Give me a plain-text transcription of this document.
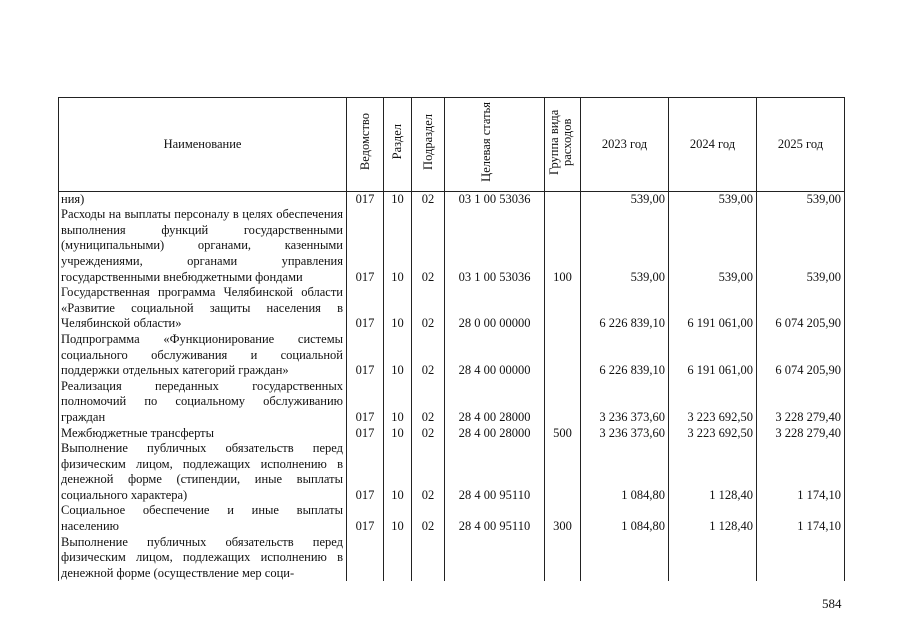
Наименование	Ведомство	Раздел	Подраздел	Целевая статья	Группа вида расходов	2023 год	2024 год	2025 год
ния)	017	10	02	03 1 00 53036		539,00	539,00	539,00
Расходы на выплаты персоналу в целях обеспечения выполнения функций государственными (муниципальными) органами, казенными учреждениями, органами управления государственными внебюджетными фондами	017	10	02	03 1 00 53036	100	539,00	539,00	539,00
Государственная программа Челябинской области «Развитие социальной защиты населения в Челябинской области»	017	10	02	28 0 00 00000		6 226 839,10	6 191 061,00	6 074 205,90
Подпрограмма «Функционирование системы социального обслуживания и социальной поддержки отдельных категорий граждан»	017	10	02	28 4 00 00000		6 226 839,10	6 191 061,00	6 074 205,90
Реализация переданных государственных полномочий по социальному обслуживанию граждан	017	10	02	28 4 00 28000		3 236 373,60	3 223 692,50	3 228 279,40
Межбюджетные трансферты	017	10	02	28 4 00 28000	500	3 236 373,60	3 223 692,50	3 228 279,40
Выполнение публичных обязательств перед физическим лицом, подлежащих исполнению в денежной форме (стипендии, иные выплаты социального характера)	017	10	02	28 4 00 95110		1 084,80	1 128,40	1 174,10
Социальное обеспечение и иные выплаты населению	017	10	02	28 4 00 95110	300	1 084,80	1 128,40	1 174,10
Выполнение публичных обязательств перед физическим лицом, подлежащих исполнению в денежной форме (осуществление мер соци-								
584
